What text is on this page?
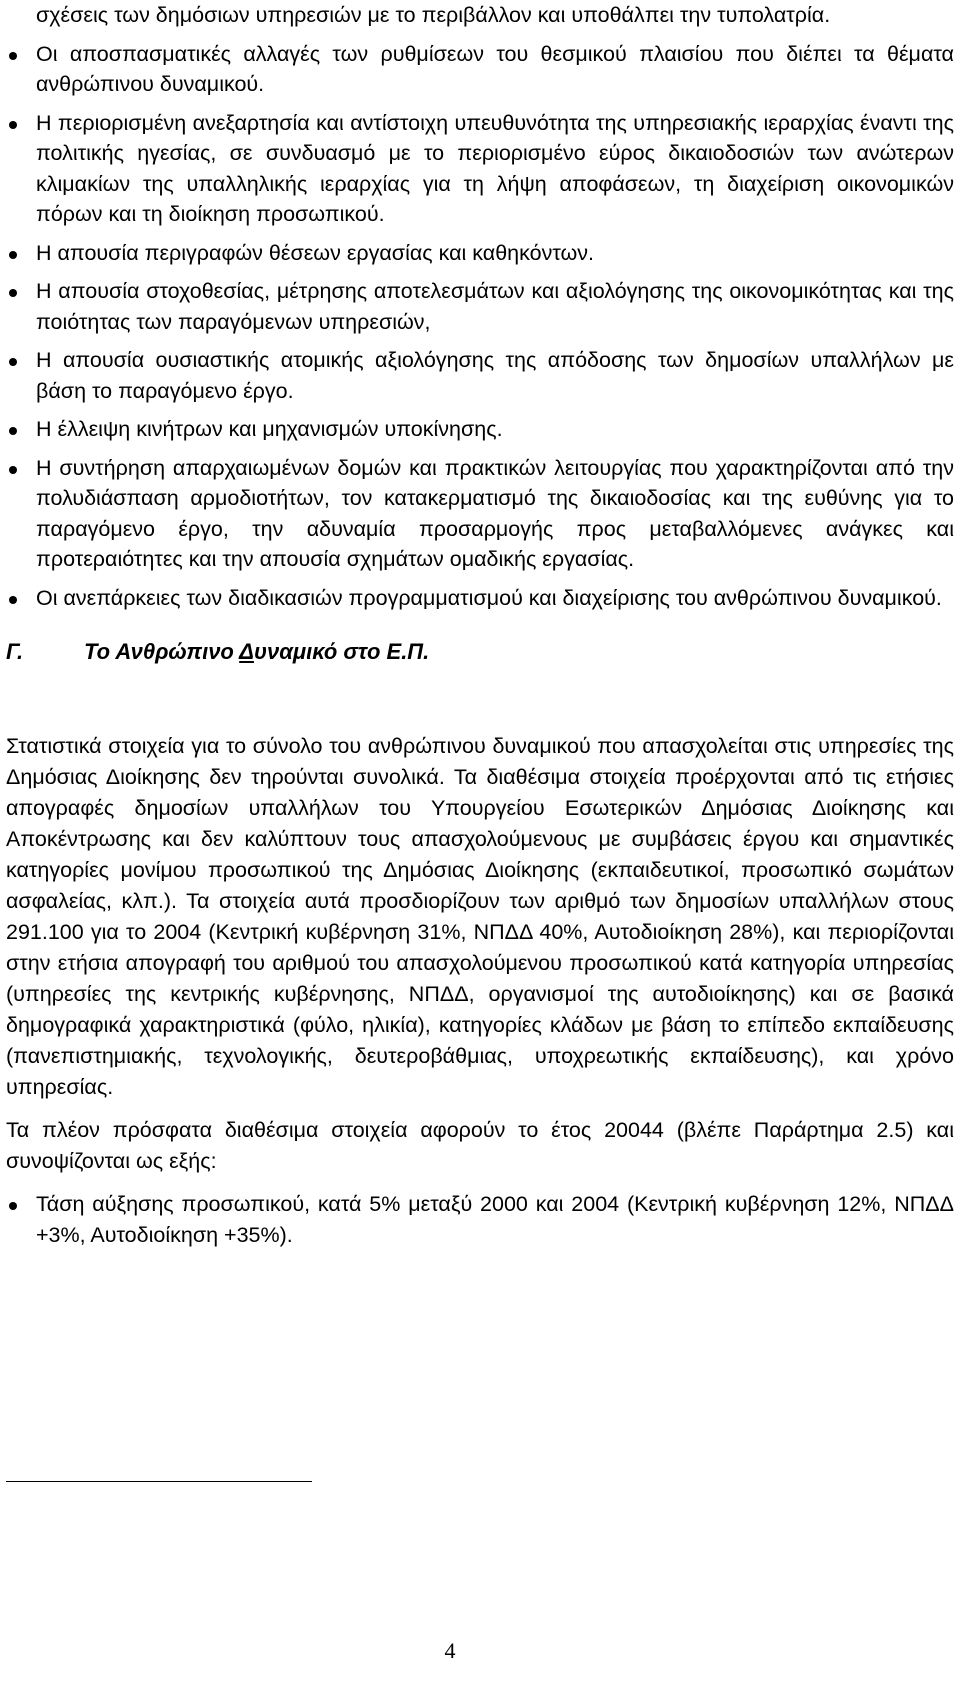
σχέσεις των δημόσιων υπηρεσιών με το περιβάλλον και υποθάλπει την τυπολατρία.
Οι αποσπασματικές αλλαγές των ρυθμίσεων του θεσμικού πλαισίου που διέπει τα θέματα ανθρώπινου δυναμικού.
Η περιορισμένη ανεξαρτησία και αντίστοιχη υπευθυνότητα της υπηρεσιακής ιεραρχίας έναντι της πολιτικής ηγεσίας, σε συνδυασμό με το περιορισμένο εύρος δικαιοδοσιών των ανώτερων κλιμακίων της υπαλληλικής ιεραρχίας για τη λήψη αποφάσεων, τη διαχείριση οικονομικών πόρων και τη διοίκηση προσωπικού.
Η απουσία περιγραφών θέσεων εργασίας και καθηκόντων.
Η απουσία στοχοθεσίας, μέτρησης αποτελεσμάτων και αξιολόγησης της οικονομικότητας και της ποιότητας των παραγόμενων υπηρεσιών,
Η απουσία ουσιαστικής ατομικής αξιολόγησης της απόδοσης των δημοσίων υπαλλήλων με βάση το παραγόμενο έργο.
Η έλλειψη κινήτρων και μηχανισμών υποκίνησης.
Η συντήρηση απαρχαιωμένων δομών και πρακτικών λειτουργίας που χαρακτηρίζονται από την πολυδιάσπαση αρμοδιοτήτων, τον κατακερματισμό της δικαιοδοσίας και της ευθύνης για το παραγόμενο έργο, την αδυναμία προσαρμογής προς μεταβαλλόμενες ανάγκες και προτεραιότητες και την απουσία σχημάτων ομαδικής εργασίας.
Οι ανεπάρκειες των διαδικασιών προγραμματισμού και διαχείρισης του ανθρώπινου δυναμικού.
Γ.	Το Ανθρώπινο Δυναμικό στο Ε.Π.

Στατιστικά στοιχεία για το σύνολο του ανθρώπινου δυναμικού που απασχολείται στις υπηρεσίες της Δημόσιας Διοίκησης δεν τηρούνται συνολικά. Τα διαθέσιμα στοιχεία προέρχονται από τις ετήσιες απογραφές δημοσίων υπαλλήλων του Υπουργείου Εσωτερικών Δημόσιας Διοίκησης και Αποκέντρωσης και δεν καλύπτουν τους απασχολούμενους με συμβάσεις έργου και σημαντικές κατηγορίες μονίμου προσωπικού της Δημόσιας Διοίκησης (εκπαιδευτικοί, προσωπικό σωμάτων ασφαλείας, κλπ.). Τα στοιχεία αυτά προσδιορίζουν των αριθμό των δημοσίων υπαλλήλων στους 291.100 για το 2004 (Κεντρική κυβέρνηση 31%, ΝΠΔΔ 40%, Αυτοδιοίκηση 28%), και περιορίζονται στην ετήσια απογραφή του αριθμού του απασχολούμενου προσωπικού κατά κατηγορία υπηρεσίας (υπηρεσίες της κεντρικής κυβέρνησης, ΝΠΔΔ, οργανισμοί της αυτοδιοίκησης) και σε βασικά δημογραφικά χαρακτηριστικά (φύλο, ηλικία), κατηγορίες κλάδων με βάση το επίπεδο εκπαίδευσης (πανεπιστημιακής, τεχνολογικής, δευτεροβάθμιας, υποχρεωτικής εκπαίδευσης), και χρόνο υπηρεσίας.

Τα πλέον πρόσφατα διαθέσιμα στοιχεία αφορούν το έτος 20044 (βλέπε Παράρτημα 2.5) και συνοψίζονται ως εξής:

Τάση αύξησης προσωπικού, κατά 5% μεταξύ 2000 και 2004 (Κεντρική κυβέρνηση 12%, ΝΠΔΔ +3%, Αυτοδιοίκηση +35%).
4
